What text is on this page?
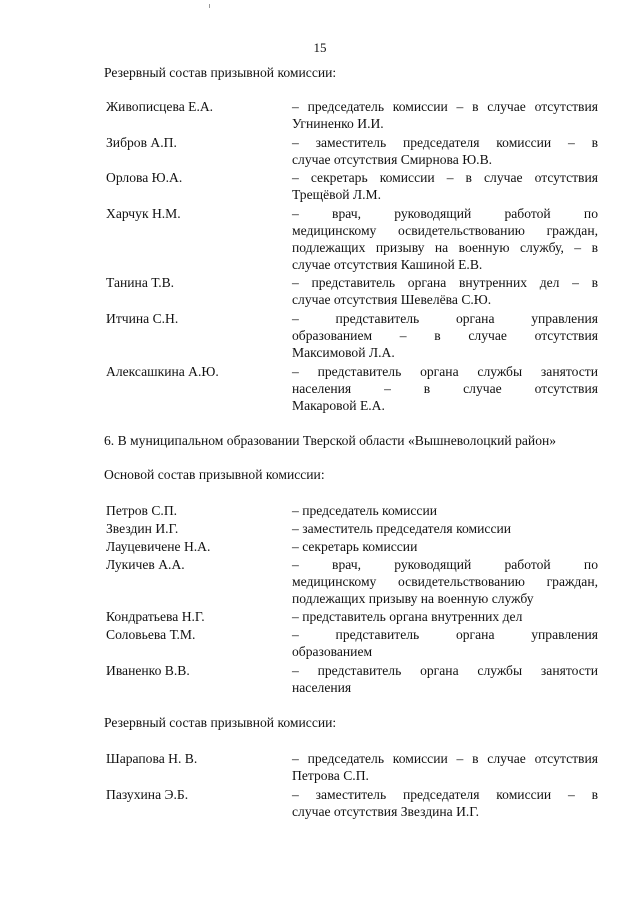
15
Резервный состав призывной комиссии:
Живописцева Е.А.	– председатель комиссии – в случае отсутствия
Угниненко И.И.
Зибров А.П.	– заместитель председателя комиссии – в
случае отсутствия Смирнова Ю.В.
Орлова Ю.А.	– секретарь комиссии – в случае отсутствия
Трещёвой Л.М.
Харчук Н.М.	– врач, руководящий работой по
медицинскому освидетельствованию граждан,
подлежащих призыву на военную службу, – в
случае отсутствия Кашиной Е.В.
Танина Т.В.	– представитель органа внутренних дел – в
случае отсутствия Шевелёва С.Ю.
Итчина С.Н.	– представитель органа управления
образованием – в случае отсутствия
Максимовой Л.А.
Алексашкина А.Ю.	– представитель органа службы занятости
населения – в случае отсутствия
Макаровой Е.А.
6. В муниципальном образовании Тверской области «Вышневолоцкий район»
Основой состав призывной комиссии:
Петров С.П.	– председатель комиссии
Звездин И.Г.	– заместитель председателя комиссии
Лауцевичене Н.А.	– секретарь комиссии
Лукичев А.А.	– врач, руководящий работой по
медицинскому освидетельствованию граждан,
подлежащих призыву на военную службу
Кондратьева Н.Г.	– представитель органа внутренних дел
Соловьева Т.М.	– представитель органа управления
образованием
Иваненко В.В.	– представитель органа службы занятости
населения
Резервный состав призывной комиссии:
Шарапова Н. В.	– председатель комиссии – в случае отсутствия
Петрова С.П.
Пазухина Э.Б.	– заместитель председателя комиссии – в
случае отсутствия Звездина И.Г.
